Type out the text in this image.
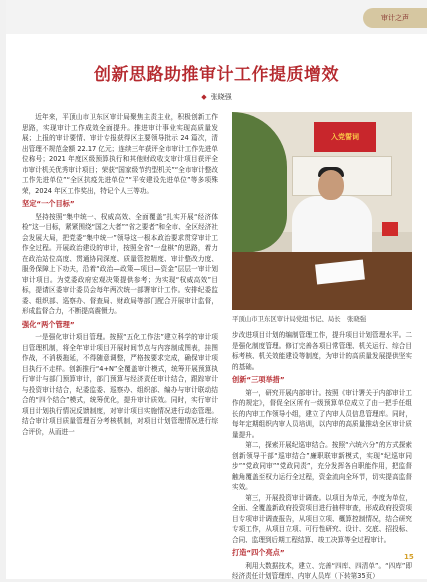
审计之声
创新思路助推审计工作提质增效
◆ 张晓强

近年来，平顶山市卫东区审计局聚焦主责主业，积极创新工作思路，实现审计工作成效全面提升。推进审计事业实现高质量发展；上报的审计要情、审计专报获得区主要领导批示 24 篇次，清出管理不规范金额 22.17 亿元；连续三年获评全市审计工作先进单位称号；2021 年度区级预算执行和其他财政收支审计项目获评全市审计机关优秀审计项目；荣获“国家级节约型机关”“全市审计整改工作先进单位”“全区抗疫先进单位”“平安建设先进单位”等多项殊荣，2024 年区工作奖出，特记个人三等功。

坚定“一个目标”

坚持按照“集中统一、权威高效、全面覆盖”扎实开展“经济体检”这一目标，紧紧围绕“国之大者”“省之要者”和全市、全区经济社会发展大局，把党委“集中统一”领导这一根本政治要求贯穿审计工作全过程。开展政治建设的审计，按照全省“一盘棋”的思路，着力在政治站位高度、贯通协同深度、质量管控精度、审计整改力度、服务保障上下功夫，沿着“政治—政策—项目—资金”层层一审计划审计项目。为党委政府宏观决策提供参考；为实现“权威高效”目标，提请区委审计委员会每年两次统一部署审计工作。安排纪委监委、组织部、巡察办、督查局、财政局等部门配合开展审计监督，形成监督合力，不断提高震慑力。

强化“两个管理”

一是强化审计项目管理。按照“五化工作法”建立科学的审计项目管理机制，将全年审计项目开展时间节点与内容制成图表，挂图作战，不消极拖延，不得随意调整，严格按要求完成，确保审计项目执行不走样。创新推行“4+N”全覆盖审计模式，统筹开展预算执行审计与部门预算审计，部门预算与经济责任审计结合，跟踪审计与投资审计结合，纪委监委、巡察办、组织部、编办与审计联动结合的“四个结合”模式，统筹优化，提升审计质效。同时，实行审计项目计划执行情况反馈制度，对审计项目实施情况进行动态管理。结合审计项目质量管理百分考核机制，对项目计划管理情况进行综合评价，从而进一

入党誓词
平顶山市卫东区审计局党组书记、局长　张晓强

步改进项目计划的编制管理工作，提升项目计划管理水平。二是强化制度管理。修订完善各项日常管理、机关运行、综合目标考核、机关效能建设等制度，为审计的高质量发展提供坚实的基础。

创新“三项举措”

第一，研究开展内部审计。按照《审计署关于内部审计工作的规定》，督促全区所有一级预算单位成立了由一把手任组长的内审工作领导小组，建立了内审人员信息管理库。同时，每年定期组织内审人员培训，以内审的高质量推动全区审计质量提升。

第二，探索开展纪巡审结合。按照“六统六分”的方式探索创新领导干部“巡审结合”廉职联审新模式，实现“纪巡审同步”“党政同审”“党政同责”，充分发挥各自职能作用，把监督触角覆盖至权力运行全过程，资金流向全环节，切实提高监督实效。

第三，开展投资审计调查。以项目为单元，李度为单位，全面、全覆盖新政府投资项目进行抽样审查，形成政府投资项目专项审计调查报告，从项目立项、概算控制情况，结合研究专项工作，从项目立项、可行性研究、设计、交底、招投标、合同、监理到后期工程结算、竣工决算等全过程审计。

打造“四个亮点”

利用大数据技术，建立、完善“四库、四清单”。“四库”即经济责任计划管理库、内审人员库（下转第35页）

15
